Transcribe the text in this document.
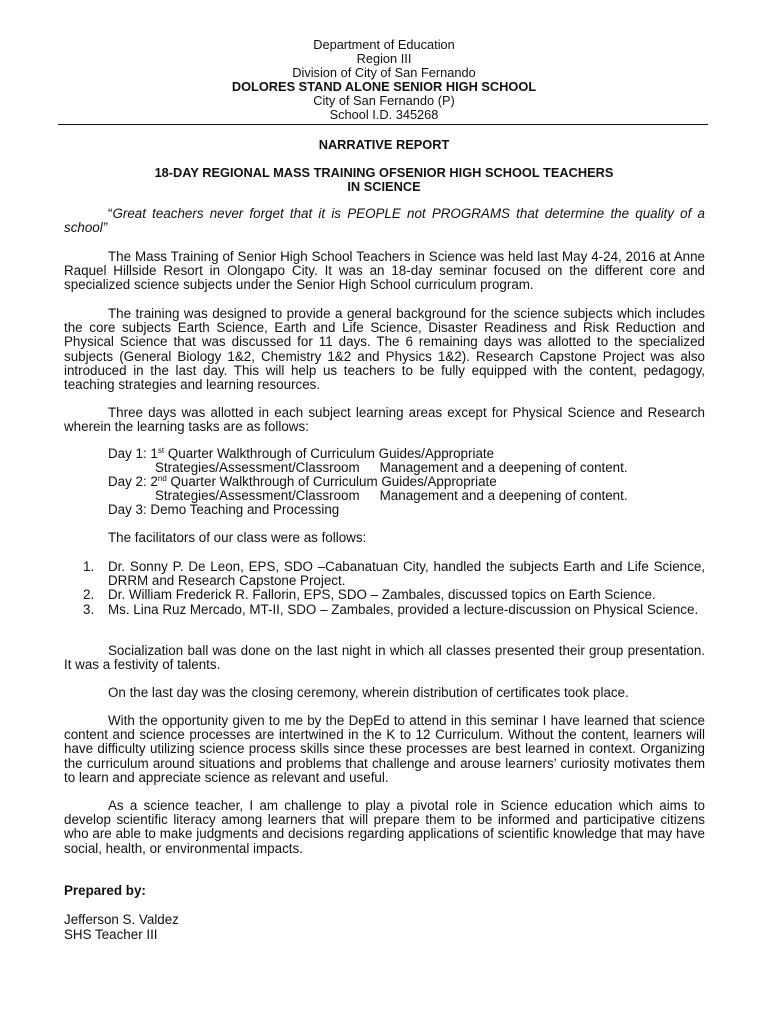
Department of Education
Region III
Division of City of San Fernando
DOLORES STAND ALONE SENIOR HIGH SCHOOL
City of San Fernando (P)
School I.D. 345268
NARRATIVE REPORT
18-DAY REGIONAL MASS TRAINING OFSENIOR HIGH SCHOOL TEACHERS
IN SCIENCE
“Great teachers never forget that it is PEOPLE not PROGRAMS that determine the quality of a school”
The Mass Training of Senior High School Teachers in Science was held last May 4-24, 2016 at Anne Raquel Hillside Resort in Olongapo City. It was an 18-day seminar focused on the different core and specialized science subjects under the Senior High School curriculum program.
The training was designed to provide a general background for the science subjects which includes the core subjects Earth Science, Earth and Life Science, Disaster Readiness and Risk Reduction and Physical Science that was discussed for 11 days. The 6 remaining days was allotted to the specialized subjects (General Biology 1&2, Chemistry 1&2 and Physics 1&2). Research Capstone Project was also introduced in the last day. This will help us teachers to be fully equipped with the content, pedagogy, teaching strategies and learning resources.
Three days was allotted in each subject learning areas except for Physical Science and Research wherein the learning tasks are as follows:
Day 1: 1st Quarter Walkthrough of Curriculum Guides/Appropriate
Strategies/Assessment/Classroom Management and a deepening of content.
Day 2: 2nd Quarter Walkthrough of Curriculum Guides/Appropriate
Strategies/Assessment/Classroom Management and a deepening of content.
Day 3: Demo Teaching and Processing
The facilitators of our class were as follows:
1. Dr. Sonny P. De Leon, EPS, SDO –Cabanatuan City, handled the subjects Earth and Life Science, DRRM and Research Capstone Project.
2. Dr. William Frederick R. Fallorin, EPS, SDO – Zambales, discussed topics on Earth Science.
3. Ms. Lina Ruz Mercado, MT-II, SDO – Zambales, provided a lecture-discussion on Physical Science.
Socialization ball was done on the last night in which all classes presented their group presentation. It was a festivity of talents.
On the last day was the closing ceremony, wherein distribution of certificates took place.
With the opportunity given to me by the DepEd to attend in this seminar I have learned that science content and science processes are intertwined in the K to 12 Curriculum. Without the content, learners will have difficulty utilizing science process skills since these processes are best learned in context. Organizing the curriculum around situations and problems that challenge and arouse learners’ curiosity motivates them to learn and appreciate science as relevant and useful.
As a science teacher, I am challenge to play a pivotal role in Science education which aims to develop scientific literacy among learners that will prepare them to be informed and participative citizens who are able to make judgments and decisions regarding applications of scientific knowledge that may have social, health, or environmental impacts.
Prepared by:
Jefferson S. Valdez
SHS Teacher III
